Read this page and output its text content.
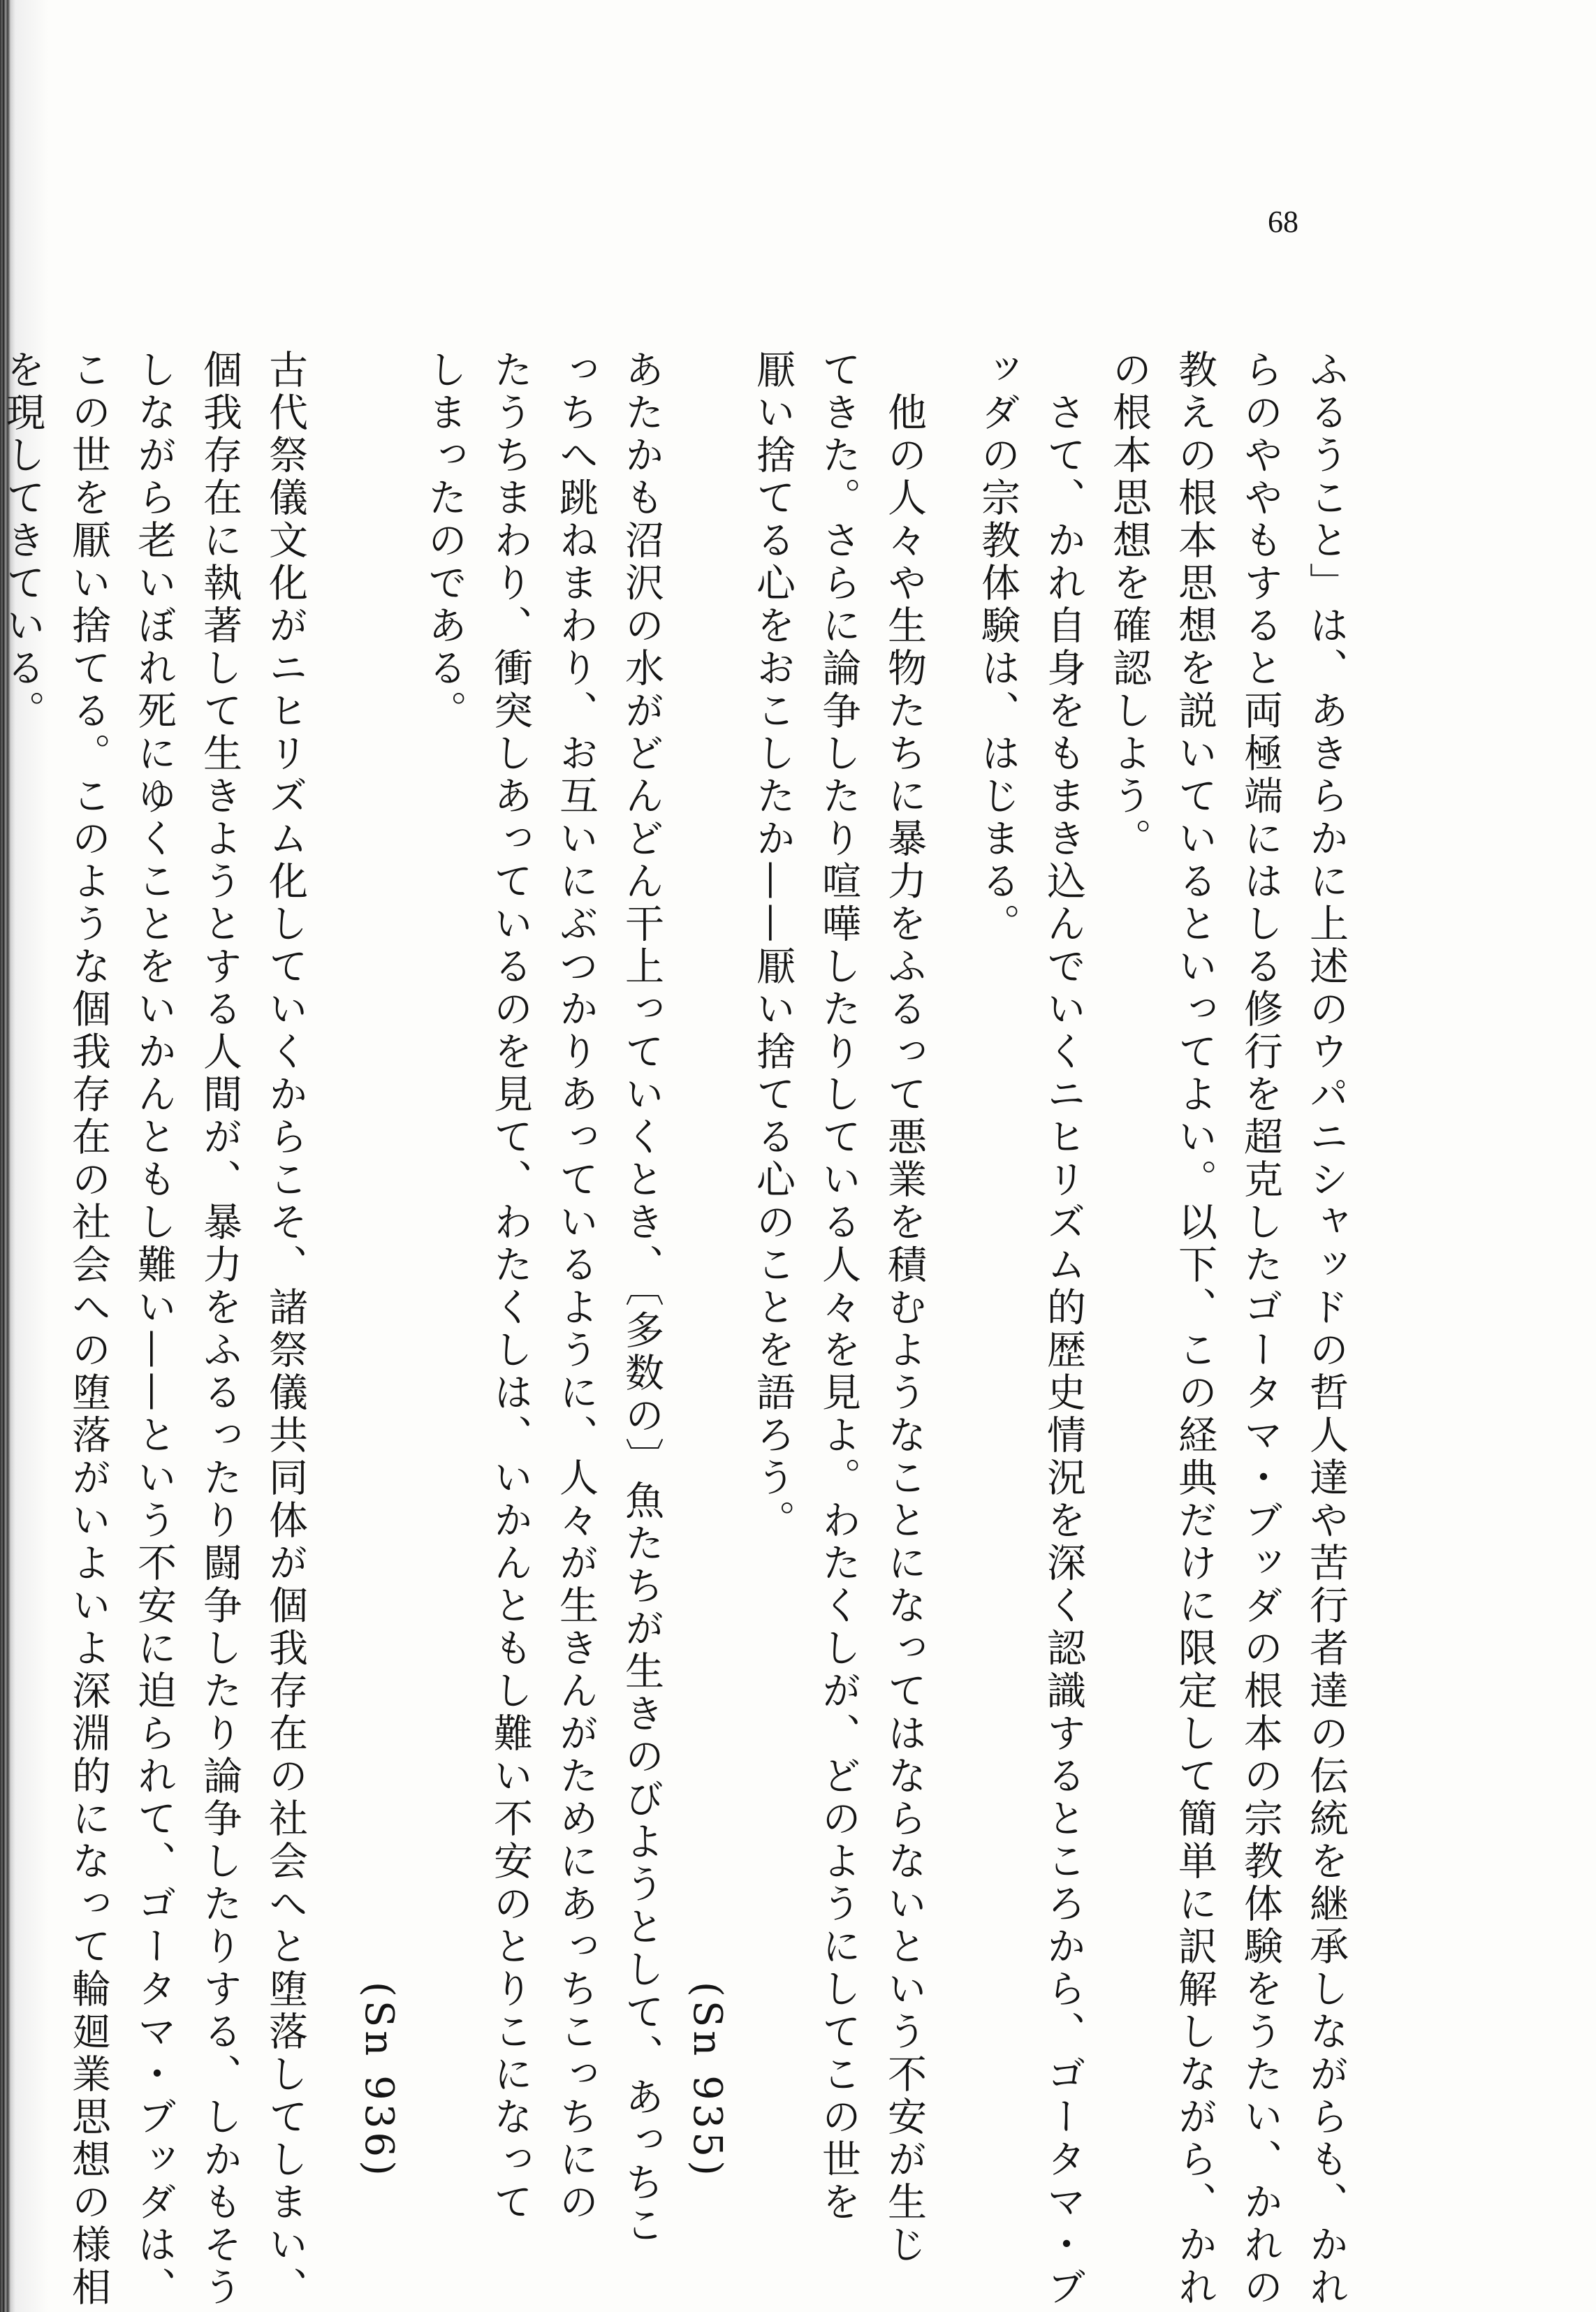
68
ふるうこと」は、あきらかに上述のウパニシャッドの哲人達や苦行者達の伝統を継承しながらも、かれ
らのややもすると両極端にはしる修行を超克したゴータマ・ブッダの根本の宗教体験をうたい、かれの
教えの根本思想を説いているといってよい。以下、この経典だけに限定して簡単に訳解しながら、かれ
の根本思想を確認しよう。
　さて、かれ自身をもまき込んでいくニヒリズム的歴史情況を深く認識するところから、ゴータマ・ブ
ッダの宗教体験は、はじまる。
　他の人々や生物たちに暴力をふるって悪業を積むようなことになってはならないという不安が生じ
てきた。さらに論争したり喧嘩したりしている人々を見よ。わたくしが、どのようにしてこの世を
厭い捨てる心をおこしたか——厭い捨てる心のことを語ろう。
(Sn 935)
あたかも沼沢の水がどんどん干上っていくとき、〔多数の〕魚たちが生きのびようとして、あっちこ
っちへ跳ねまわり、お互いにぶつかりあっているように、人々が生きんがためにあっちこっちにの
たうちまわり、衝突しあっているのを見て、わたくしは、いかんともし難い不安のとりこになって
しまったのである。
(Sn 936)
古代祭儀文化がニヒリズム化していくからこそ、諸祭儀共同体が個我存在の社会へと堕落してしまい、
個我存在に執著して生きようとする人間が、暴力をふるったり闘争したり論争したりする、しかもそう
しながら老いぼれ死にゆくことをいかんともし難い——という不安に迫られて、ゴータマ・ブッダは、
この世を厭い捨てる。このような個我存在の社会への堕落がいよいよ深淵的になって輪廻業思想の様相
を現してきている。
